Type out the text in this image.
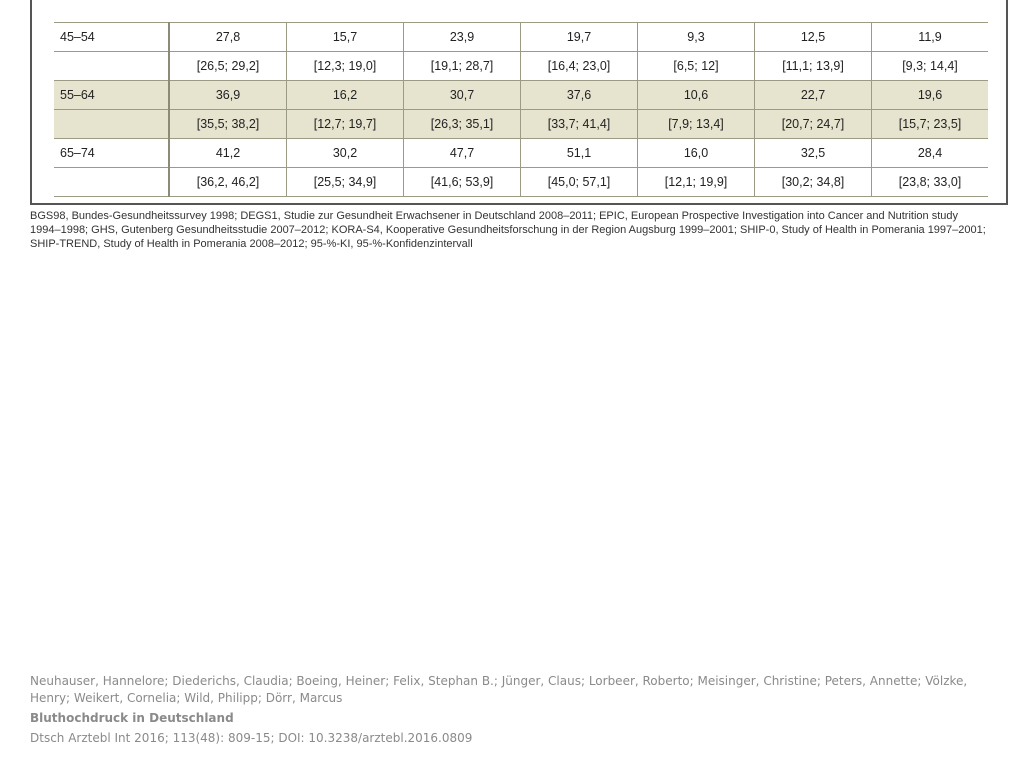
45–54	27,8	15,7	23,9	19,7	9,3	12,5	11,9
	[26,5; 29,2]	[12,3; 19,0]	[19,1; 28,7]	[16,4; 23,0]	[6,5; 12]	[11,1; 13,9]	[9,3; 14,4]
55–64	36,9	16,2	30,7	37,6	10,6	22,7	19,6
	[35,5; 38,2]	[12,7; 19,7]	[26,3; 35,1]	[33,7; 41,4]	[7,9; 13,4]	[20,7; 24,7]	[15,7; 23,5]
65–74	41,2	30,2	47,7	51,1	16,0	32,5	28,4
	[36,2, 46,2]	[25,5; 34,9]	[41,6; 53,9]	[45,0; 57,1]	[12,1; 19,9]	[30,2; 34,8]	[23,8; 33,0]
BGS98, Bundes-Gesundheitssurvey 1998; DEGS1, Studie zur Gesundheit Erwachsener in Deutschland 2008–2011; EPIC, European Prospective Investigation into Cancer and Nutrition study 1994–1998; GHS, Gutenberg Gesundheitsstudie 2007–2012; KORA-S4, Kooperative Gesundheitsforschung in der Region Augsburg 1999–2001; SHIP-0, Study of Health in Pomerania 1997–2001; SHIP-TREND, Study of Health in Pomerania 2008–2012; 95-%-KI, 95-%-Konfidenzintervall
Neuhauser, Hannelore; Diederichs, Claudia; Boeing, Heiner; Felix, Stephan B.; Jünger, Claus; Lorbeer, Roberto; Meisinger, Christine; Peters, Annette; Völzke, Henry; Weikert, Cornelia; Wild, Philipp; Dörr, Marcus
Bluthochdruck in Deutschland
Dtsch Arztebl Int 2016; 113(48): 809-15; DOI: 10.3238/arztebl.2016.0809
